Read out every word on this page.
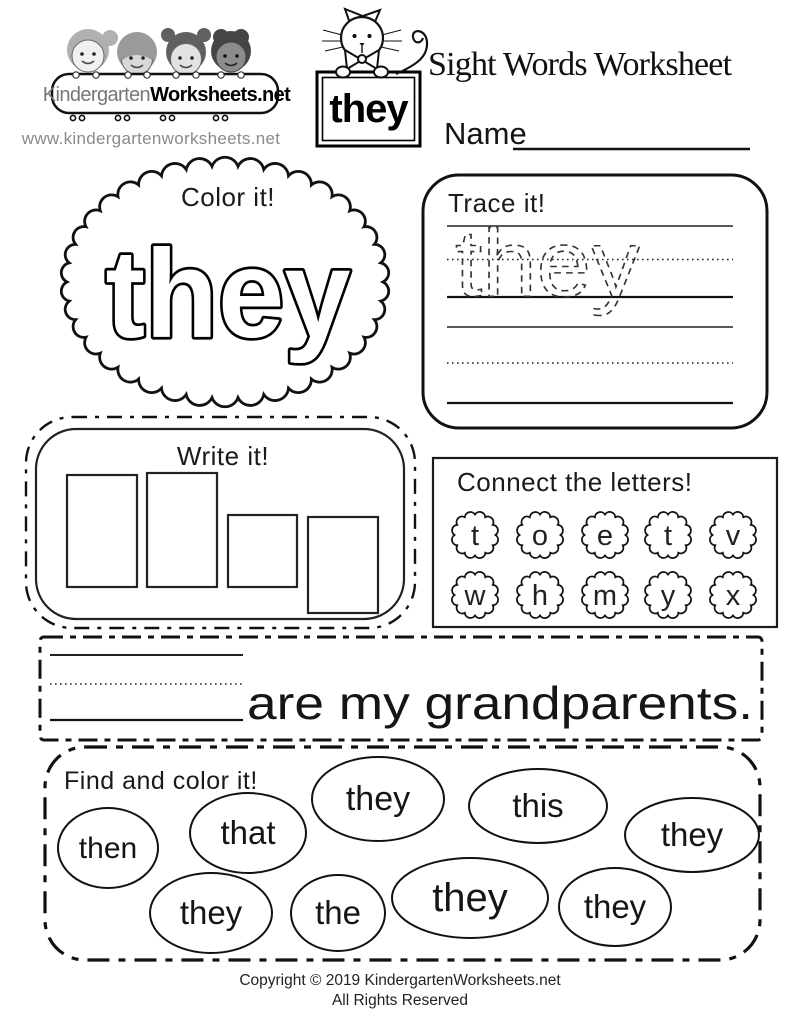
they they
t o e t v
w h m y x
are my grandparents.
then	that
they	this
they
they the they they
Kindergarten Worksheets.net
www.kindergartenworksheets.net
they
Sight Words Worksheet
Name
Color it!	Trace it!
Write it!
Connect the letters!
Find and color it!
Copyright © 2019 KindergartenWorksheets.net
All Rights Reserved
